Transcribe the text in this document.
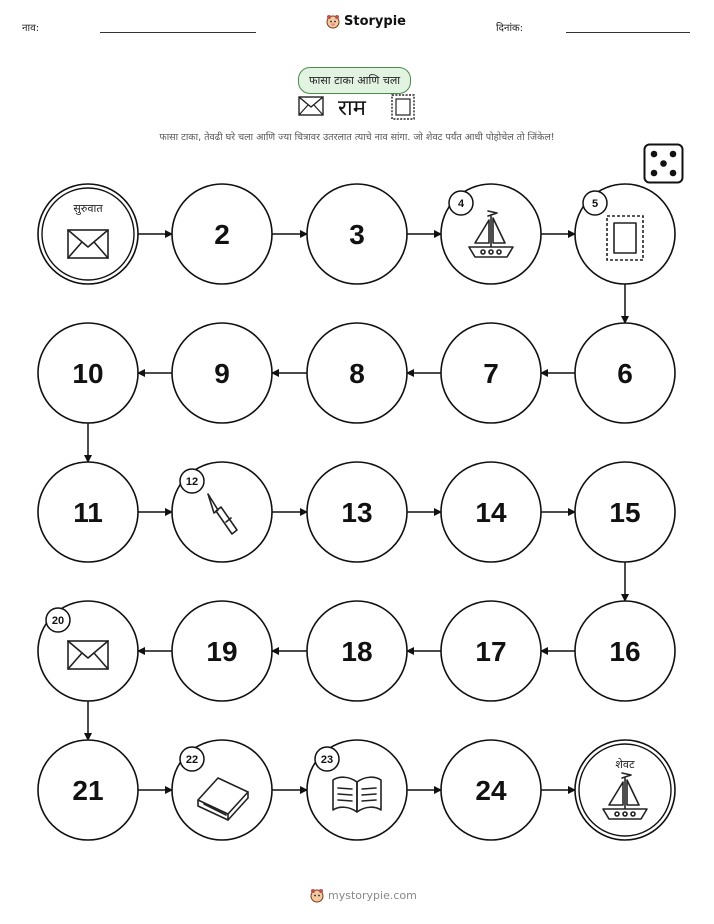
नाव:	Storypie	दिनांक:
फासा टाका आणि चला
राम
फासा टाका, तेवढी घरे चला आणि ज्या चित्रावर उतरलात त्याचे नाव सांगा. जो शेवट पर्यंत आधी पोहोचेल तो जिंकेल!
सुरुवात
2	3
4	5
6
7
8
9
10
11
12
13	14	15
16
17
18
19
20
21
22	23
24
शेवट
mystorypie.com
